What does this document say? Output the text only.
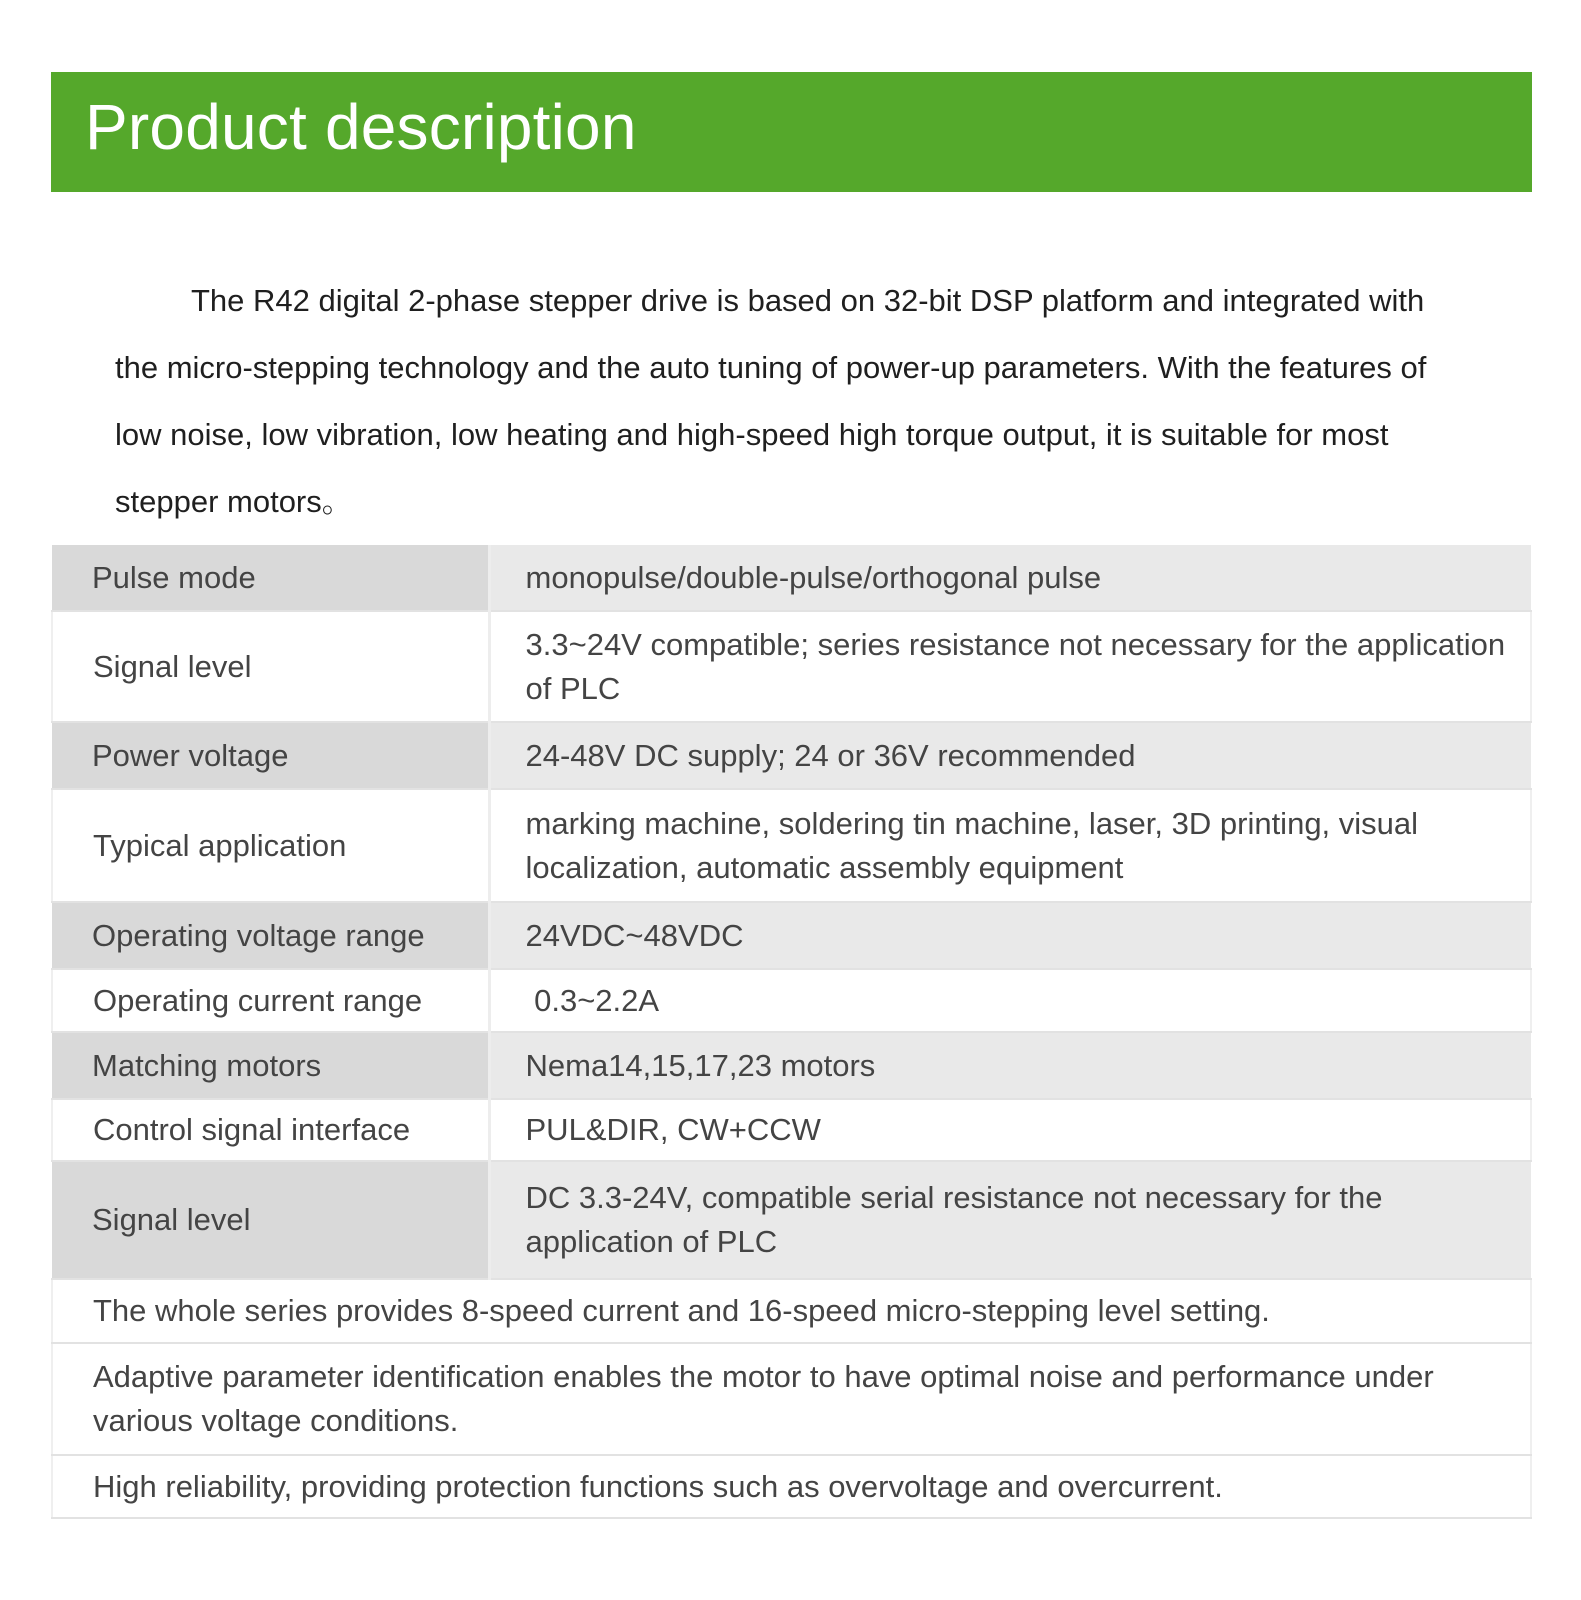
Product description

The R42 digital 2-phase stepper drive is based on 32-bit DSP platform and integrated with the micro-stepping technology and the auto tuning of power-up parameters. With the features of low noise, low vibration, low heating and high-speed high torque output, it is suitable for most stepper motors。

Pulse mode	monopulse/double-pulse/orthogonal pulse
Signal level	3.3~24V compatible; series resistance not necessary for the application of PLC
Power voltage	24-48V DC supply; 24 or 36V recommended
Typical application	marking machine, soldering tin machine, laser, 3D printing, visual localization, automatic assembly equipment
Operating voltage range	24VDC~48VDC
Operating current range	0.3~2.2A
Matching motors	Nema14,15,17,23 motors
Control signal interface	PUL&DIR, CW+CCW
Signal level	DC 3.3-24V, compatible serial resistance not necessary for the application of PLC
The whole series provides 8-speed current and 16-speed micro-stepping level setting.	
Adaptive parameter identification enables the motor to have optimal noise and performance under various voltage conditions.	
High reliability, providing protection functions such as overvoltage and overcurrent.	
